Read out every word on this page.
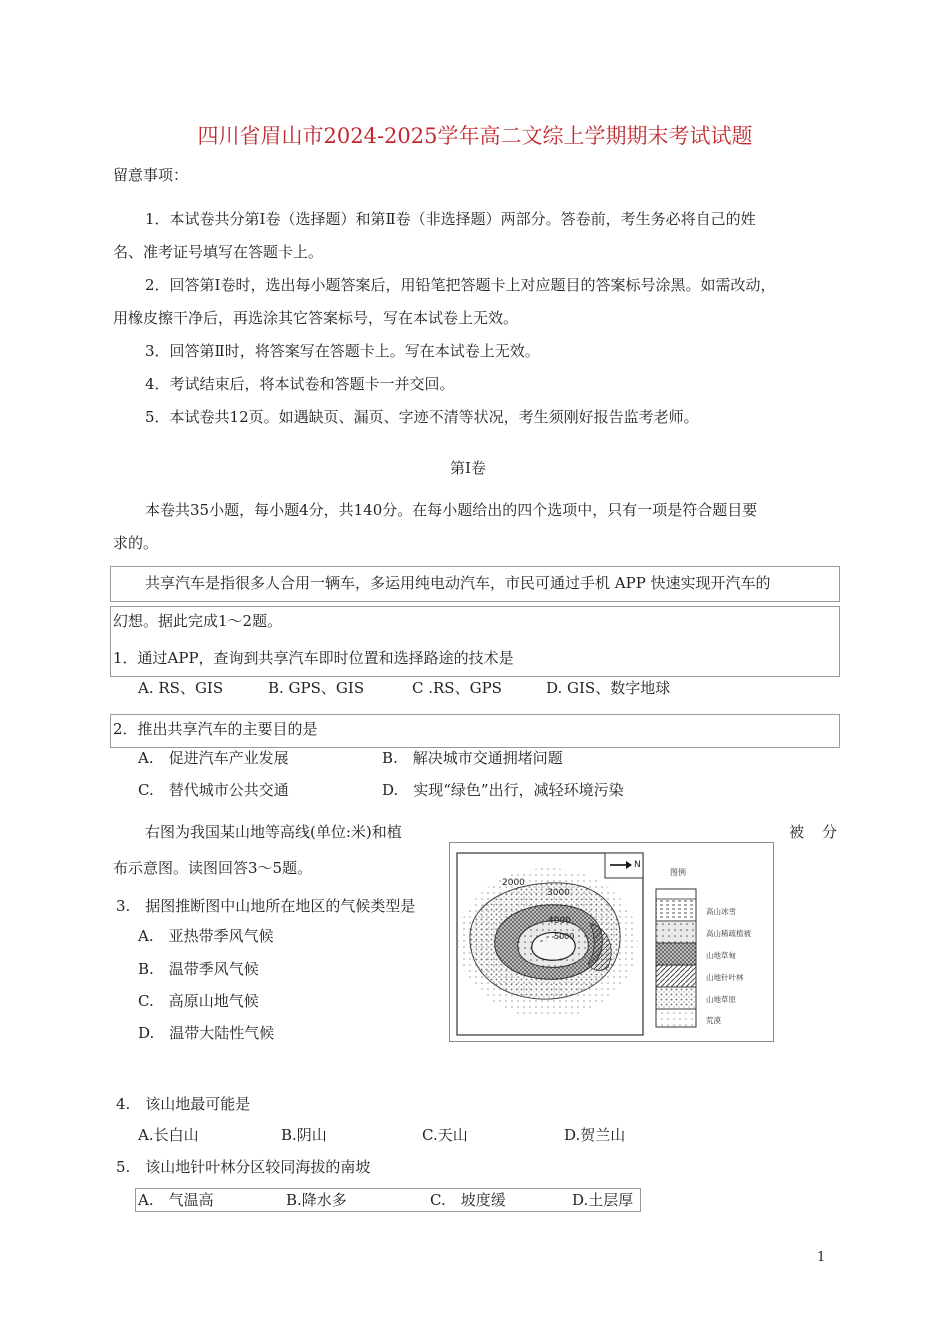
四川省眉山市2024-2025学年高二文综上学期期末考试试题
留意事项：
1．本试卷共分第Ⅰ卷（选择题）和第Ⅱ卷（非选择题）两部分。答卷前，考生务必将自己的姓
名、准考证号填写在答题卡上。
2．回答第Ⅰ卷时，选出每小题答案后，用铅笔把答题卡上对应题目的答案标号涂黑。如需改动，
用橡皮擦干净后，再选涂其它答案标号，写在本试卷上无效。
3．回答第Ⅱ时，将答案写在答题卡上。写在本试卷上无效。
4．考试结束后，将本试卷和答题卡一并交回。
5．本试卷共12页。如遇缺页、漏页、字迹不清等状况，考生须刚好报告监考老师。
第Ⅰ卷
本卷共35小题，每小题4分，共140分。在每小题给出的四个选项中，只有一项是符合题目要
求的。
共享汽车是指很多人合用一辆车，多运用纯电动汽车，市民可通过手机 APP 快速实现开汽车的
幻想。据此完成1～2题。
1．通过APP，查询到共享汽车即时位置和选择路途的技术是
A. RS、GIS	B. GPS、GIS	C .RS、GPS	D. GIS、数字地球
2．推出共享汽车的主要目的是
A.　促进汽车产业发展	B.　解决城市交通拥堵问题
C.　替代城市公共交通	D.　实现“绿色”出行，减轻环境污染
右图为我国某山地等高线(单位:米)和植	被 分
布示意图。读图回答3～5题。
3.　据图推断图中山地所在地区的气候类型是
A.　亚热带季风气候
B.　温带季风气候
C.　高原山地气候
D.　温带大陆性气候
2000
3000
4000
5000
N
图例
高山冰雪
高山稀疏植被
山地草甸
山地针叶林
山地草原
荒漠
4.　该山地最可能是
A.长白山	B.阴山	C.天山	D.贺兰山
5.　该山地针叶林分区较同海拔的南坡
A.　气温高	B.降水多	C.　坡度缓	D.土层厚
1
